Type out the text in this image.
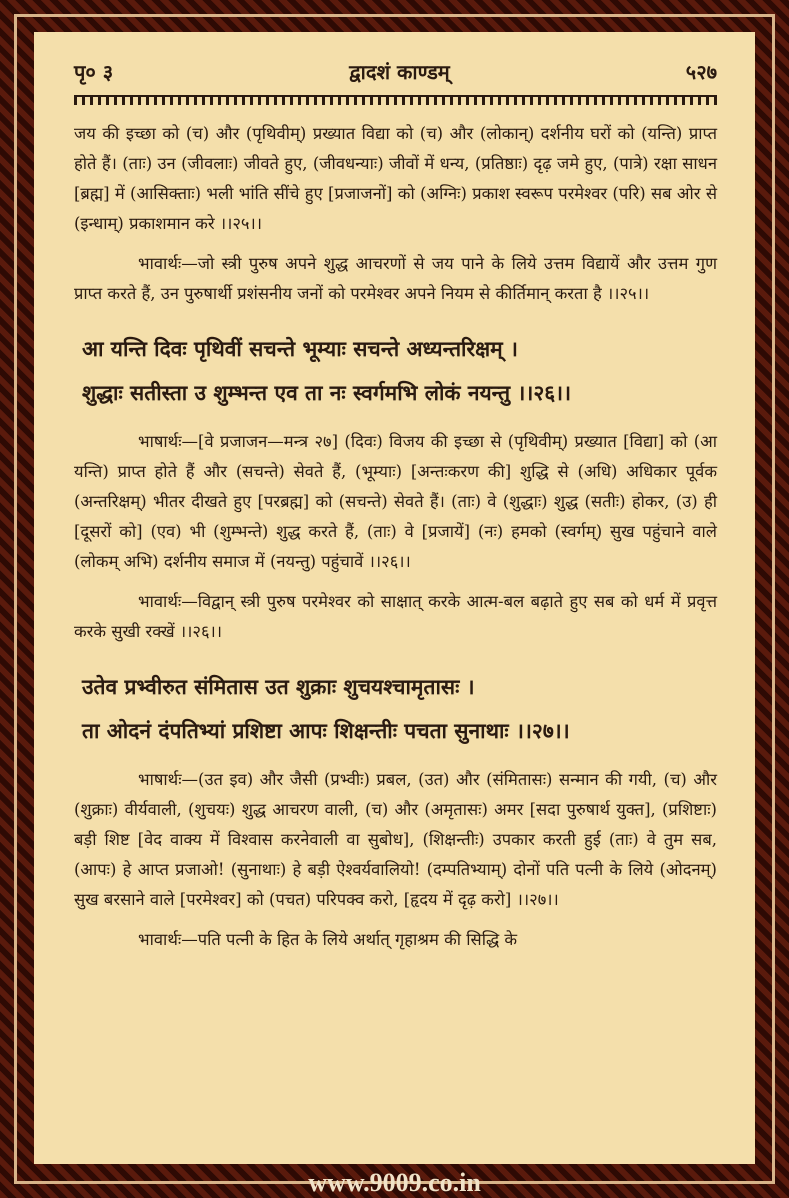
पृ० ३	द्वादशं काण्डम्	५२७

जय की इच्छा को (च) और (पृथिवीम्) प्रख्यात विद्या को (च) और (लोकान्) दर्शनीय घरों को (यन्ति) प्राप्त होते हैं। (ताः) उन (जीवलाः) जीवते हुए, (जीवधन्याः) जीवों में धन्य, (प्रतिष्ठाः) दृढ़ जमे हुए, (पात्रे) रक्षा साधन [ब्रह्म] में (आसिक्ताः) भली भांति सींचे हुए [प्रजाजनों] को (अग्निः) प्रकाश स्वरूप परमेश्वर (परि) सब ओर से (इन्धाम्) प्रकाशमान करे ।।२५।।

भावार्थः—जो स्त्री पुरुष अपने शुद्ध आचरणों से जय पाने के लिये उत्तम विद्यायें और उत्तम गुण प्राप्त करते हैं, उन पुरुषार्थी प्रशंसनीय जनों को परमेश्वर अपने नियम से कीर्तिमान् करता है ।।२५।।

आ यन्ति दिवः पृथिवीं सचन्ते भूम्याः सचन्ते अध्यन्तरिक्षम् ।
शुद्धाः सतीस्ता उ शुम्भन्त एव ता नः स्वर्गमभि लोकं नयन्तु ।।२६।।

भाषार्थः—[वे प्रजाजन—मन्त्र २७] (दिवः) विजय की इच्छा से (पृथिवीम्) प्रख्यात [विद्या] को (आ यन्ति) प्राप्त होते हैं और (सचन्ते) सेवते हैं, (भूम्याः) [अन्तःकरण की] शुद्धि से (अधि) अधिकार पूर्वक (अन्तरिक्षम्) भीतर दीखते हुए [परब्रह्म] को (सचन्ते) सेवते हैं। (ताः) वे (शुद्धाः) शुद्ध (सतीः) होकर, (उ) ही [दूसरों को] (एव) भी (शुम्भन्ते) शुद्ध करते हैं, (ताः) वे [प्रजायें] (नः) हमको (स्वर्गम्) सुख पहुंचाने वाले (लोकम् अभि) दर्शनीय समाज में (नयन्तु) पहुंचावें ।।२६।।

भावार्थः—विद्वान् स्त्री पुरुष परमेश्वर को साक्षात् करके आत्म-बल बढ़ाते हुए सब को धर्म में प्रवृत्त करके सुखी रक्खें ।।२६।।

उतेव प्रभ्वीरुत संमितास उत शुक्राः शुचयश्चामृतासः ।
ता ओदनं दंपतिभ्यां प्रशिष्टा आपः शिक्षन्तीः पचता सुनाथाः ।।२७।।

भाषार्थः—(उत इव) और जैसी (प्रभ्वीः) प्रबल, (उत) और (संमितासः) सन्मान की गयी, (च) और (शुक्राः) वीर्यवाली, (शुचयः) शुद्ध आचरण वाली, (च) और (अमृतासः) अमर [सदा पुरुषार्थ युक्त], (प्रशिष्टाः) बड़ी शिष्ट [वेद वाक्य में विश्वास करनेवाली वा सुबोध], (शिक्षन्तीः) उपकार करती हुई (ताः) वे तुम सब, (आपः) हे आप्त प्रजाओ! (सुनाथाः) हे बड़ी ऐश्वर्यवालियो! (दम्पतिभ्याम्) दोनों पति पत्नी के लिये (ओदनम्) सुख बरसाने वाले [परमेश्वर] को (पचत) परिपक्व करो, [हृदय में दृढ़ करो] ।।२७।।

भावार्थः—पति पत्नी के हित के लिये अर्थात् गृहाश्रम की सिद्धि के

www.9009.co.in
